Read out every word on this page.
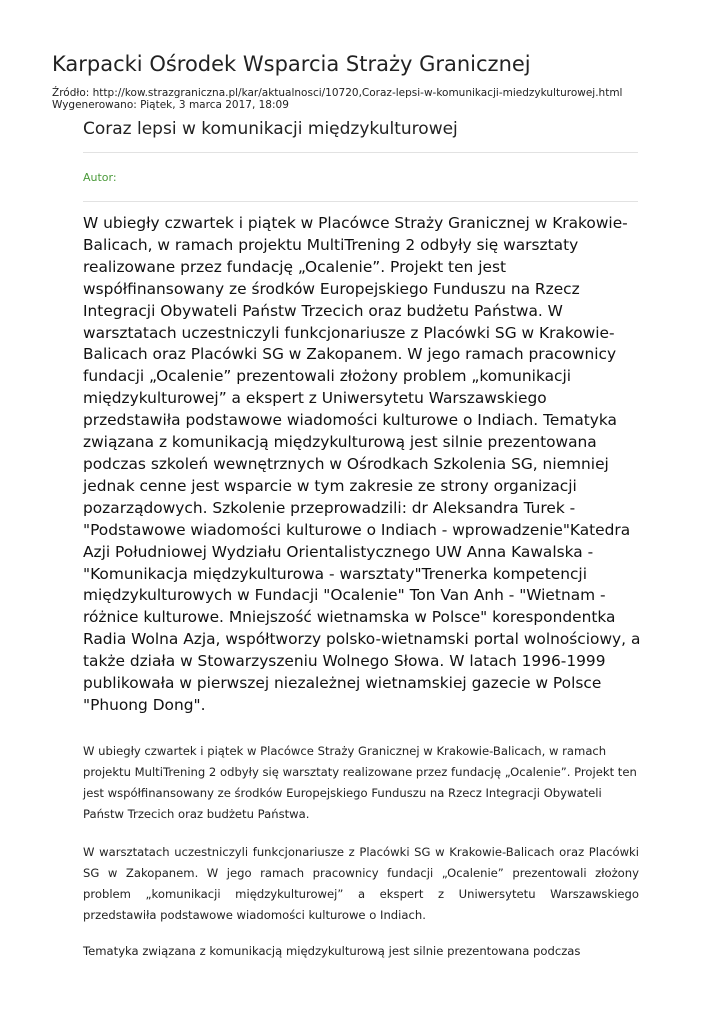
Karpacki Ośrodek Wsparcia Straży Granicznej
Źródło: http://kow.strazgraniczna.pl/kar/aktualnosci/10720,Coraz-lepsi-w-komunikacji-miedzykulturowej.html
Wygenerowano: Piątek, 3 marca 2017, 18:09
Coraz lepsi w komunikacji międzykulturowej
Autor:

W ubiegły czwartek i piątek w Placówce Straży Granicznej w Krakowie-Balicach, w ramach projektu MultiTrening 2 odbyły się warsztaty realizowane przez fundację „Ocalenie”. Projekt ten jest współfinansowany ze środków Europejskiego Funduszu na Rzecz Integracji Obywateli Państw Trzecich oraz budżetu Państwa. W warsztatach uczestniczyli funkcjonariusze z Placówki SG w Krakowie-Balicach oraz Placówki SG w Zakopanem. W jego ramach pracownicy fundacji „Ocalenie” prezentowali złożony problem „komunikacji międzykulturowej” a ekspert z Uniwersytetu Warszawskiego przedstawiła podstawowe wiadomości kulturowe o Indiach. Tematyka związana z komunikacją międzykulturową jest silnie prezentowana podczas szkoleń wewnętrznych w Ośrodkach Szkolenia SG, niemniej jednak cenne jest wsparcie w tym zakresie ze strony organizacji pozarządowych. Szkolenie przeprowadzili: dr Aleksandra Turek - "Podstawowe wiadomości kulturowe o Indiach - wprowadzenie"Katedra Azji Południowej Wydziału Orientalistycznego UW Anna Kawalska - "Komunikacja międzykulturowa - warsztaty"Trenerka kompetencji międzykulturowych w Fundacji "Ocalenie" Ton Van Anh - "Wietnam - różnice kulturowe. Mniejszość wietnamska w Polsce" korespondentka Radia Wolna Azja, współtworzy polsko-wietnamski portal wolnościowy, a także działa w Stowarzyszeniu Wolnego Słowa. W latach 1996-1999 publikowała w pierwszej niezależnej wietnamskiej gazecie w Polsce "Phuong Dong".

W ubiegły czwartek i piątek w Placówce Straży Granicznej w Krakowie-Balicach, w ramach projektu MultiTrening 2 odbyły się warsztaty realizowane przez fundację „Ocalenie”. Projekt ten jest współfinansowany ze środków Europejskiego Funduszu na Rzecz Integracji Obywateli Państw Trzecich oraz budżetu Państwa.

W warsztatach uczestniczyli funkcjonariusze z Placówki SG w Krakowie-Balicach oraz Placówki SG w Zakopanem. W jego ramach pracownicy fundacji „Ocalenie” prezentowali złożony problem „komunikacji międzykulturowej” a ekspert z Uniwersytetu Warszawskiego przedstawiła podstawowe wiadomości kulturowe o Indiach.

Tematyka związana z komunikacją międzykulturową jest silnie prezentowana podczas
